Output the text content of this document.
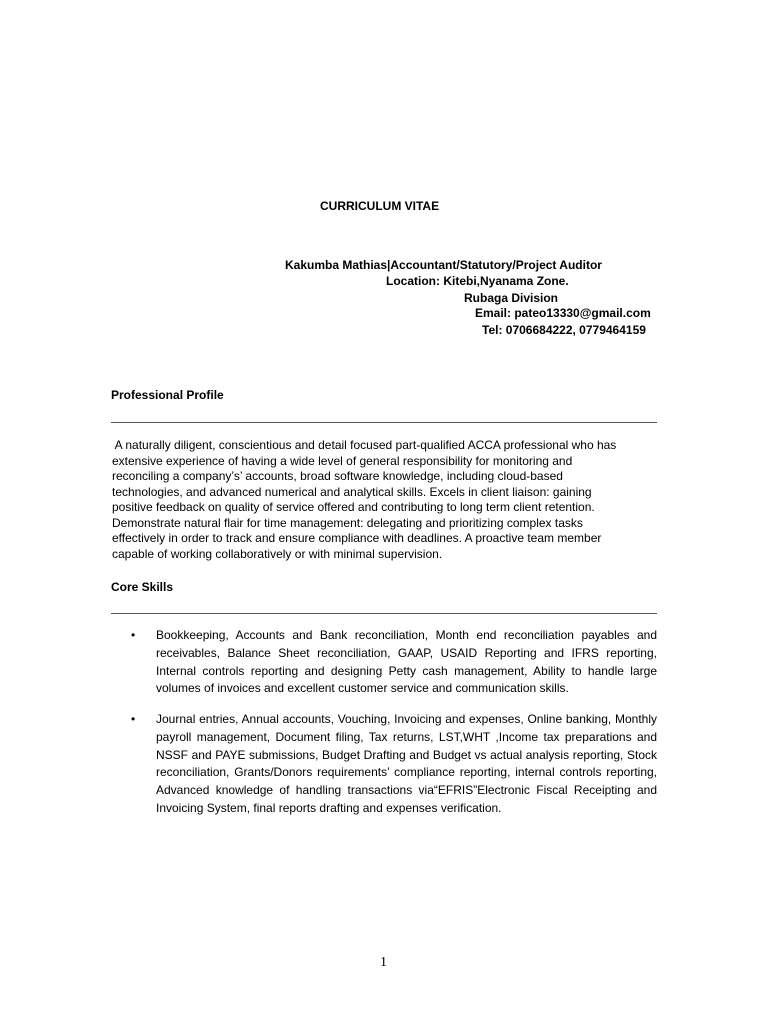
CURRICULUM VITAE
Kakumba Mathias|Accountant/Statutory/Project Auditor
Location: Kitebi,Nyanama Zone.
Rubaga Division
Email: pateo13330@gmail.com
Tel: 0706684222, 0779464159
Professional Profile
A naturally diligent, conscientious and detail focused part-qualified ACCA professional who has
extensive experience of having a wide level of general responsibility for monitoring and
reconciling a company’s’ accounts, broad software knowledge, including cloud-based
technologies, and advanced numerical and analytical skills. Excels in client liaison: gaining
positive feedback on quality of service offered and contributing to long term client retention.
Demonstrate natural flair for time management: delegating and prioritizing complex tasks
effectively in order to track and ensure compliance with deadlines. A proactive team member
capable of working collaboratively or with minimal supervision.
Core Skills
• Bookkeeping, Accounts and Bank reconciliation, Month end reconciliation payables and receivables, Balance Sheet reconciliation, GAAP, USAID Reporting and IFRS reporting, Internal controls reporting and designing Petty cash management, Ability to handle large volumes of invoices and excellent customer service and communication skills.
• Journal entries, Annual accounts, Vouching, Invoicing and expenses, Online banking, Monthly payroll management, Document filing, Tax returns, LST,WHT ,Income tax preparations and NSSF and PAYE submissions, Budget Drafting and Budget vs actual analysis reporting, Stock reconciliation, Grants/Donors requirements’ compliance reporting, internal controls reporting, Advanced knowledge of handling transactions via“EFRIS”Electronic Fiscal Receipting and Invoicing System, final reports drafting and expenses verification.
1
